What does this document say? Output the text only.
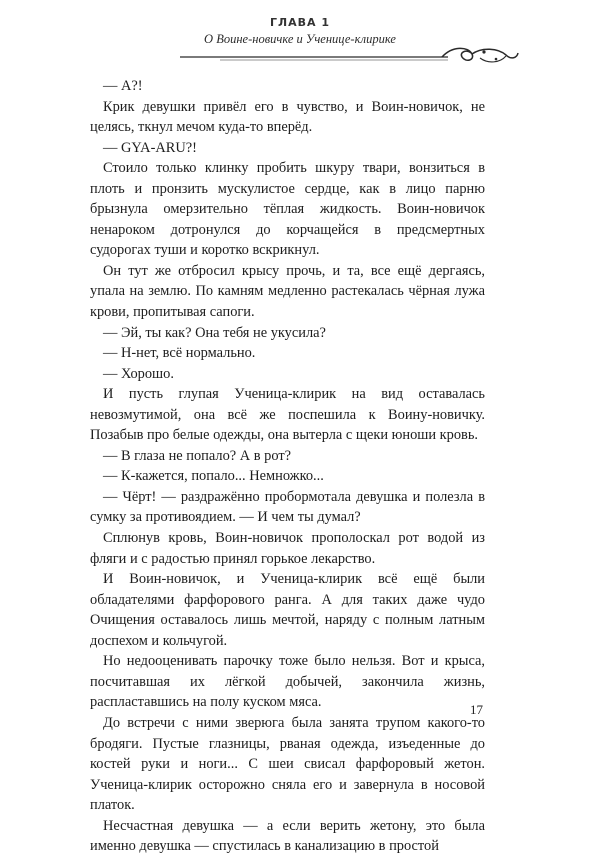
ГЛАВА 1
О Воине-новичке и Ученице-клирике

— А?!

Крик девушки привёл его в чувство, и Воин-новичок, не целясь, ткнул мечом куда-то вперёд.

— GYA-ARU?!

Стоило только клинку пробить шкуру твари, вонзиться в плоть и пронзить мускулистое сердце, как в лицо парню брызнула омерзительно тёплая жидкость. Воин-новичок ненароком дотронулся до корчащейся в предсмертных судорогах туши и коротко вскрикнул.

Он тут же отбросил крысу прочь, и та, все ещё дергаясь, упала на землю. По камням медленно растекалась чёрная лужа крови, пропитывая сапоги.

— Эй, ты как? Она тебя не укусила?

— Н-нет, всё нормально.

— Хорошо.

И пусть глупая Ученица-клирик на вид оставалась невозмутимой, она всё же поспешила к Воину-новичку. Позабыв про белые одежды, она вытерла с щеки юноши кровь.

— В глаза не попало? А в рот?

— К-кажется, попало... Немножко...

— Чёрт! — раздражённо пробормотала девушка и полезла в сумку за противоядием. — И чем ты думал?

Сплюнув кровь, Воин-новичок прополоскал рот водой из фляги и с радостью принял горькое лекарство.

И Воин-новичок, и Ученица-клирик всё ещё были обладателями фарфорового ранга. А для таких даже чудо Очищения оставалось лишь мечтой, наряду с полным латным доспехом и кольчугой.

Но недооценивать парочку тоже было нельзя. Вот и крыса, посчитавшая их лёгкой добычей, закончила жизнь, распластавшись на полу куском мяса.

До встречи с ними зверюга была занята трупом какого-то бродяги. Пустые глазницы, рваная одежда, изъеденные до костей руки и ноги... С шеи свисал фарфоровый жетон. Ученица-клирик осторожно сняла его и завернула в носовой платок.

Несчастная девушка — а если верить жетону, это была именно девушка — спустилась в канализацию в простой

17
